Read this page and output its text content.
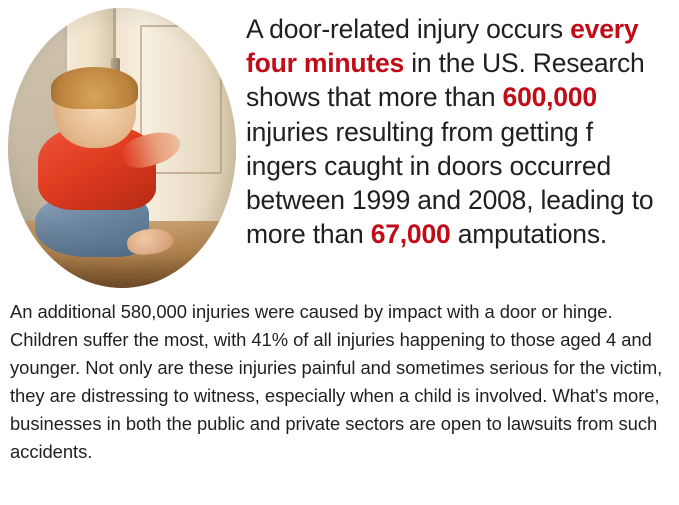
A door-related injury occurs every four minutes in the US. Research shows that more than 600,000 injuries resulting from getting f ingers caught in doors occurred between 1999 and 2008, leading to more than 67,000 amputations.
An additional 580,000 injuries were caused by impact with a door or hinge. Children suffer the most, with 41% of all injuries happening to those aged 4 and younger. Not only are these injuries painful and sometimes serious for the victim, they are distressing to witness, especially when a child is involved. What's more, businesses in both the public and private sectors are open to lawsuits from such accidents.
